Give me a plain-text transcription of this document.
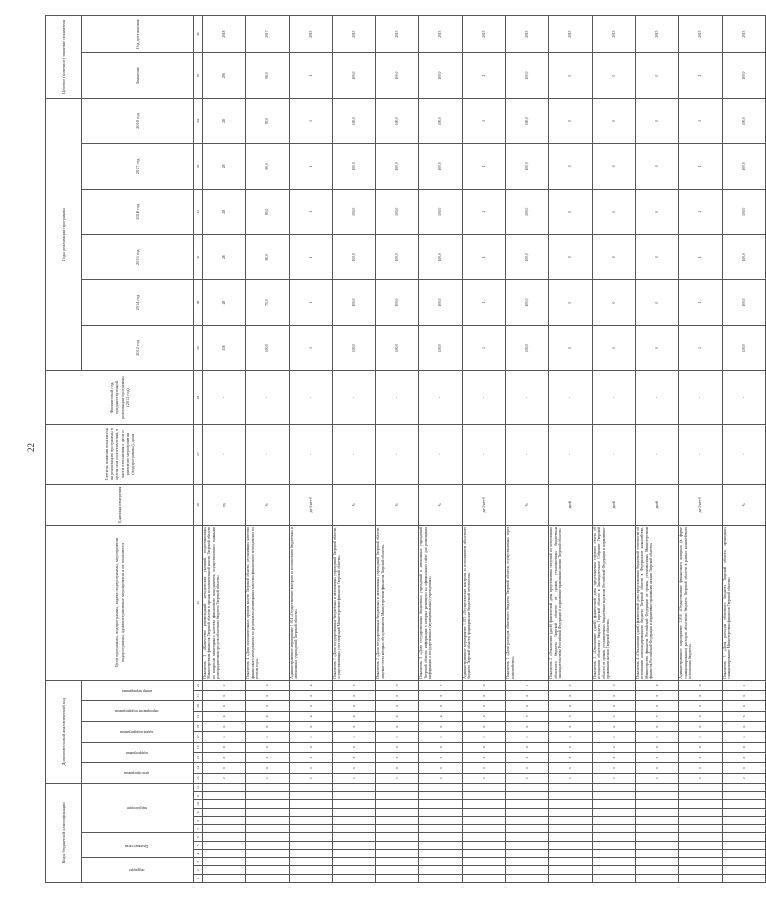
22
Коды бюджетной классификации												Дополнительный аналитический код										Цели программы, подпрограммы, задачи подпрограммы, мероприятия подпрограммы, административные мероприятия и их показатели	Единица измерения	Степень влияния показателя на реализацию программы в целом или сопоставления, в части отношения к цели и развитию мероприятия (подпрограммы), доля	Финансовый год, предшествующий реализации программы (2012 год)	Годы реализации программы						Целевое (конечное) значение показателя	
подраздел			Целевая статья			вид расходов						цель программы		подпрограмма		задача подпрограммы		мероприятие подпрограммы		номер мероприятия						2012 год	2014 год	2015 год	2016 год	2017 год	2018 год	Значение	Год достижения
1	2	3	4	5	6	7	8	9	10	11	12	13	14	15	16	17	18	19	20	21	22	25	26	27	28	29	30	31	32	33	34	35	36
												2	6	3	0	1	0	4	0	0	2	Показатель 3 «Количество рекомендаций, методических указаний, подготовленных Министерством финансов Тверской области в органы исполнительной власти Тверской области по вопросам мониторинга качества финансового менеджмента, осуществляемого главными распорядителями средств областного бюджета Тверской области»	ед.	-	-	116	28	28	28	28	28	256	2018
												2	6	3	0	1	0	4	0	0	3	Показатель 4 «Доля исполнительных органов власти Тверской области, улучшивших качество финансового менеджмента по результатам мониторинга качества финансового менеджмента по итогам года»	%	-	-	100,0	75,0	80,0	85,0	90,0	95,0	98,0	2017
												2	6	3	0	1	0	4	0	0	4	Административное мероприятие 1.014 «Осуществление контроля за исполнением бюджетных и автономных учреждений Тверской области»	да-1/нет-0	-	-	1	1	1	1	1	1	1	2015
												2	6	3	0	1	0	4	0	0	5	Показатель 1 «Доля государственных бюджетных и автономных учреждений Тверской области, осуществляющих учет операций Министерством финансов Тверской области»	%	-	-	100,0	100,0	100,0	100,0	100,0	100,0	100,0	2015
												2	6	3	0	1	0	4	0	0	6	Показатель 2 «Доля государственных бюджетных и автономных учреждений Тверской области, лицевые счета которых обслуживаются Министерством финансов Тверской области»	%	-	-	100,0	100,0	100,0	100,0	100,0	100,0	100,0	2015
												2	6	3	0	1	0	4	0	0	7	Показатель 3 «Доля государственных бюджетных учреждений и автономных учреждений Тверской области, информация о которых размещена на официальном сайте для размещения информации о государственных (муниципальных) учреждениях»	%	-	-	100,0	100,0	100,0	100,0	100,0	100,0	100,0	2015
												2	6	3	0	1	0	5	0	0	0	Административное мероприятие 1.015 «Осуществление контроля за исполнением областного бюджета Тверской области, формирование бюджетной отчетности»	да-1/нет-0	-	-	1	1	1	1	1	1	1	2015
												2	6	3	0	1	0	5	0	0	1	Показатель 1 «Доля расходов областного бюджета Тверской области, осуществляемых через казначейство»	%	-	-	100,0	100,0	100,0	100,0	100,0	100,0	100,0	2015
												2	6	3	0	1	0	5	0	0	2	Показатель 2 «Отклонение (дней) фактической даты представления сведений по исполнению областного бюджета Тверской области от сроков, установленных бюджетным законодательством Российской Федерации и нормативно-правовыми актами Тверской области»	дней	-	-	0	0	0	0	0	0	0	2015
												2	6	3	0	1	0	5	0	0	3	Показатель 3 «Отклонение (дней) фактической даты представления годового отчета об исполнении областного бюджета Тверской области в Законодательное Собрание Тверской области от сроков, установленных бюджетным кодексом Российской Федерации и нормативно-правовыми актами Тверской области»	дней	-	-	0	0	0	0	0	0	0	2015
												2	6	3	0	1	0	5	0	0	4	Показатель 4 «Отклонение (дней) фактической даты представления бюджетной отчетности об исполнении консолидированного бюджета Тверской области в Федеральное казначейство, Министерство финансов Российской Федерации от сроков, установленных Министерством финансов Российской Федерации и нормативно-правовыми актами Тверской области»	дней	-	-	0	0	0	0	0	0	0	2015
												2	6	3	0	1	0	6	0	0	0	Административное мероприятие 1.016 «Осуществление финансового контроля (в форме санкционирования) расходов областного бюджета Тверской области в рамках казначейского исполнения бюджета»	да-1/нет-0	-	-	1	1	1	1	1	1	1	2015
												2	6	3	0	1	0	6	0	0	1	Показатель 1 «Доля расходов областного бюджета Тверской области, прошедших санкционирование Министерством финансов Тверской области»	%	-	-	100,0	100,0	100,0	100,0	100,0	100,0	100,0	2015
